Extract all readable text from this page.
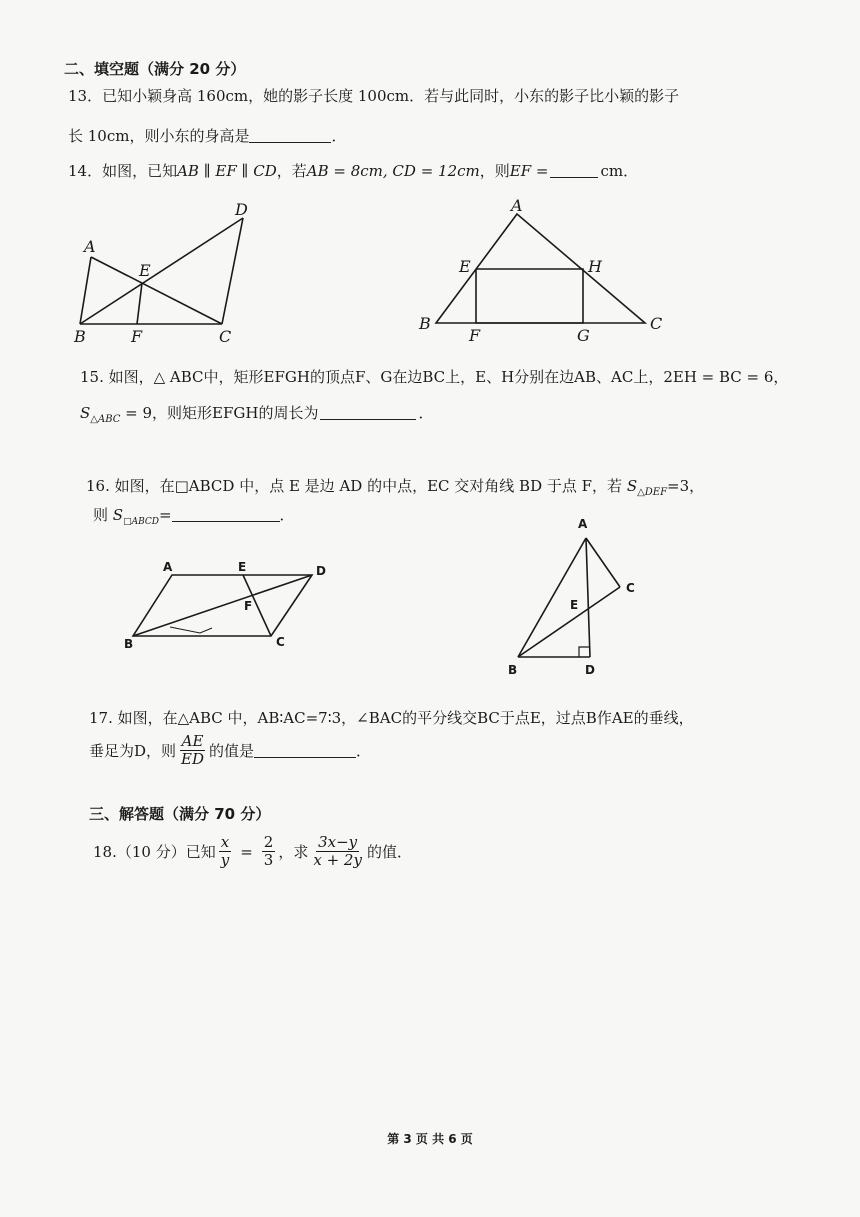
二、填空题（满分 20 分）
13．已知小颖身高 160cm，她的影子长度 100cm．若与此同时，小东的影子比小颖的影子
长 10cm，则小东的身高是	．
14．如图，已知AB ∥ EF ∥ CD，若AB = 8cm, CD = 12cm，则EF =	cm．
A
B	C
D
E
F
A
B	C
E
F	G
H
15. 如图，△ ABC中，矩形EFGH的顶点F、G在边BC上，E、H分别在边AB、AC上，2EH = BC = 6，
$S_{\triangle ABC} = 9$，则矩形EFGH的周长为	．
16. 如图，在□ABCD 中，点 E 是边 AD 的中点，EC 交对角线 BD 于点 F，若 $S_{\triangle DEF}=3$，
则 $S_{□ABCD}=$	．
A	E	D
F
B	C
A
C
E
B	D
17. 如图，在△ABC 中，AB∶AC=7∶3，∠BAC的平分线交BC于点E，过点B作AE的垂线，
垂足为D，则 $\frac{AE}{ED}$ 的值是	．
三、解答题（满分 70 分）
18.（10 分）已知 $\frac{x}{y} = \frac{2}{3}$ ，求 $\frac{3x-y}{x + 2y}$ 的值．
第 3 页 共 6 页
